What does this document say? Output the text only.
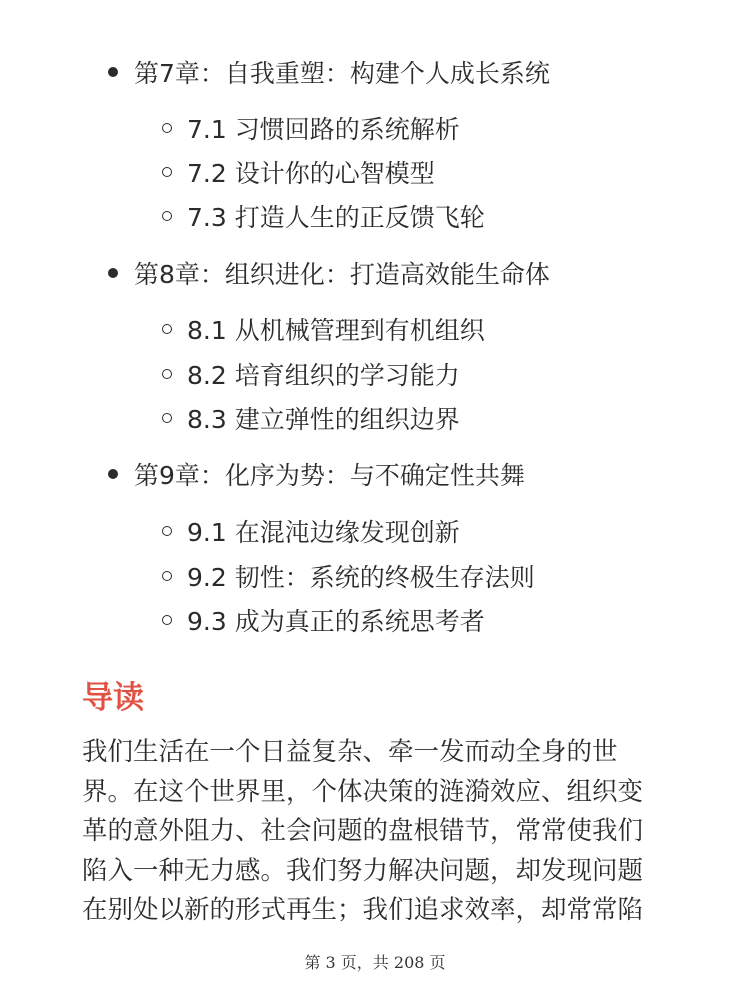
第7章：自我重塑：构建个人成长系统
7.1 习惯回路的系统解析
7.2 设计你的心智模型
7.3 打造人生的正反馈飞轮
第8章：组织进化：打造高效能生命体
8.1 从机械管理到有机组织
8.2 培育组织的学习能力
8.3 建立弹性的组织边界
第9章：化序为势：与不确定性共舞
9.1 在混沌边缘发现创新
9.2 韧性：系统的终极生存法则
9.3 成为真正的系统思考者
导读
我们生活在一个日益复杂、牵一发而动全身的世
界。在这个世界里，个体决策的涟漪效应、组织变
革的意外阻力、社会问题的盘根错节，常常使我们
陷入一种无力感。我们努力解决问题，却发现问题
在别处以新的形式再生；我们追求效率，却常常陷
第 3 页，共 208 页
